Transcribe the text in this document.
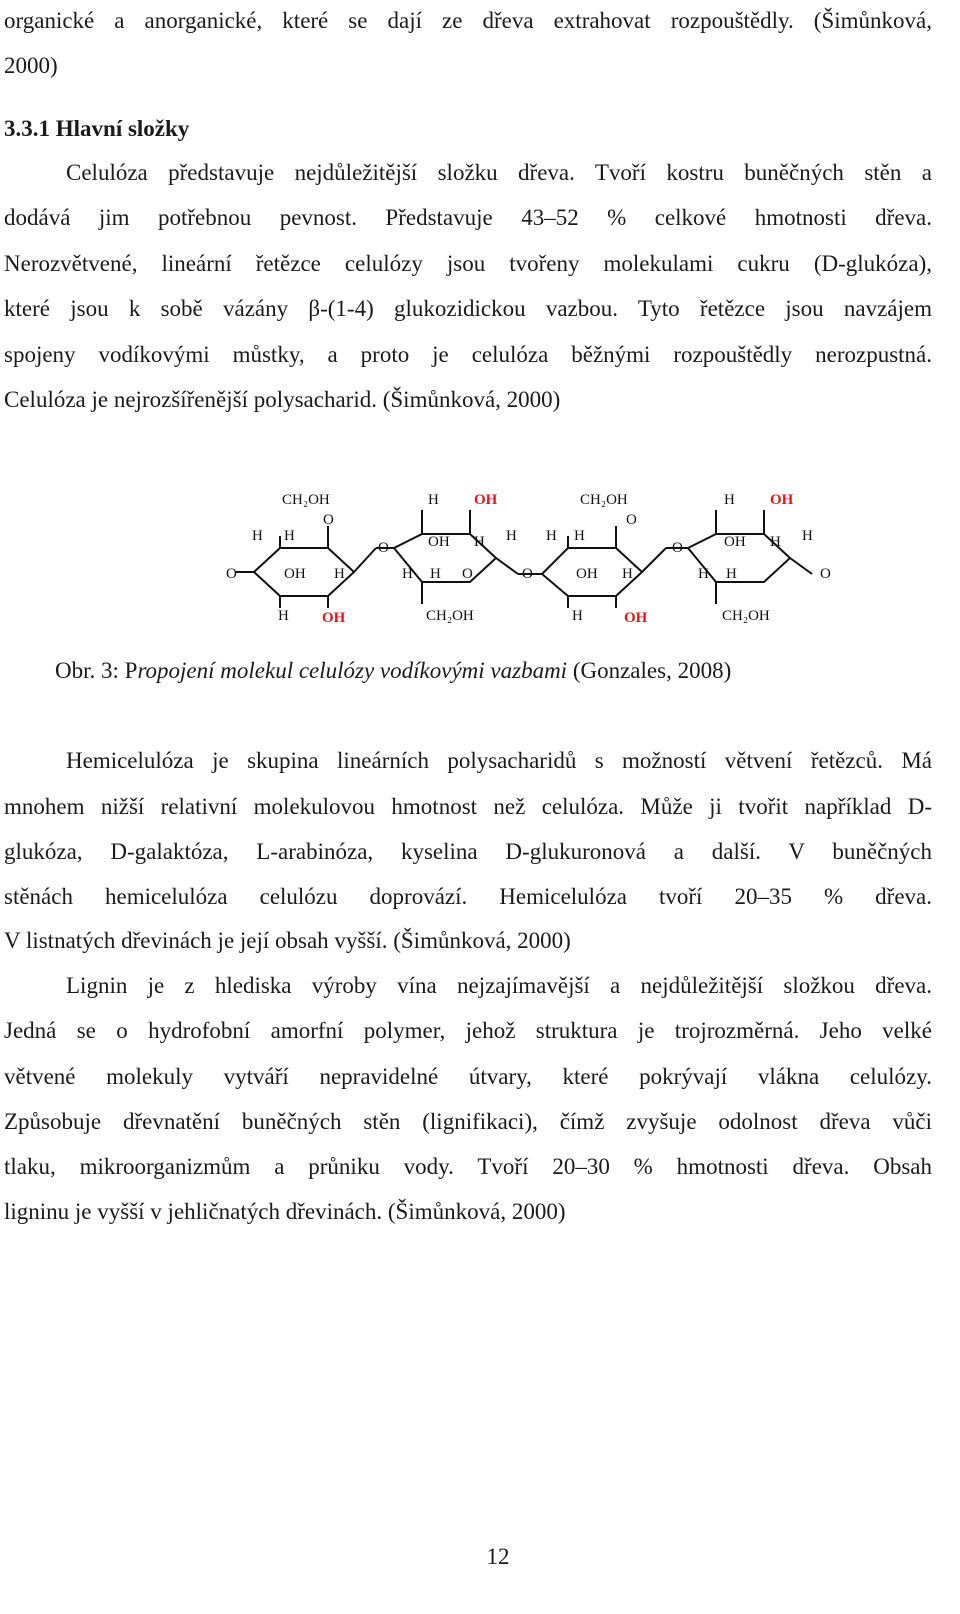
organické a anorganické, které se dají ze dřeva extrahovat rozpouštědly. (Šimůnková,
2000)
3.3.1 Hlavní složky
Celulóza představuje nejdůležitější složku dřeva. Tvoří kostru buněčných stěn a
dodává jim potřebnou pevnost. Představuje 43–52 % celkové hmotnosti dřeva.
Nerozvětvené, lineární řetězce celulózy jsou tvořeny molekulami cukru (D-glukóza),
které jsou k sobě vázány β-(1-4) glukozidickou vazbou. Tyto řetězce jsou navzájem
spojeny vodíkovými můstky, a proto je celulóza běžnými rozpouštědly nerozpustná.
Celulóza je nejrozšířenější polysacharid. (Šimůnková, 2000)
CH₂OH
O
H H
OH H
O
H OH
O
H OH
OH H H
H H O
CH₂OH
O
CH₂OH
O
H H
OH H
H	OH
O
H OH
OH H H
H H	O
CH₂OH
Obr. 3: Propojení molekul celulózy vodíkovými vazbami (Gonzales, 2008)
Hemicelulóza je skupina lineárních polysacharidů s možností větvení řetězců. Má
mnohem nižší relativní molekulovou hmotnost než celulóza. Může ji tvořit například D-
glukóza, D-galaktóza, L-arabinóza, kyselina D-glukuronová a další. V buněčných
stěnách hemicelulóza celulózu doprovází. Hemicelulóza tvoří 20–35 % dřeva.
V listnatých dřevinách je její obsah vyšší. (Šimůnková, 2000)
Lignin je z hlediska výroby vína nejzajímavější a nejdůležitější složkou dřeva.
Jedná se o hydrofobní amorfní polymer, jehož struktura je trojrozměrná. Jeho velké
větvené molekuly vytváří nepravidelné útvary, které pokrývají vlákna celulózy.
Způsobuje dřevnatění buněčných stěn (lignifikaci), čímž zvyšuje odolnost dřeva vůči
tlaku, mikroorganizmům a průniku vody. Tvoří 20–30 % hmotnosti dřeva. Obsah
ligninu je vyšší v jehličnatých dřevinách. (Šimůnková, 2000)
12
